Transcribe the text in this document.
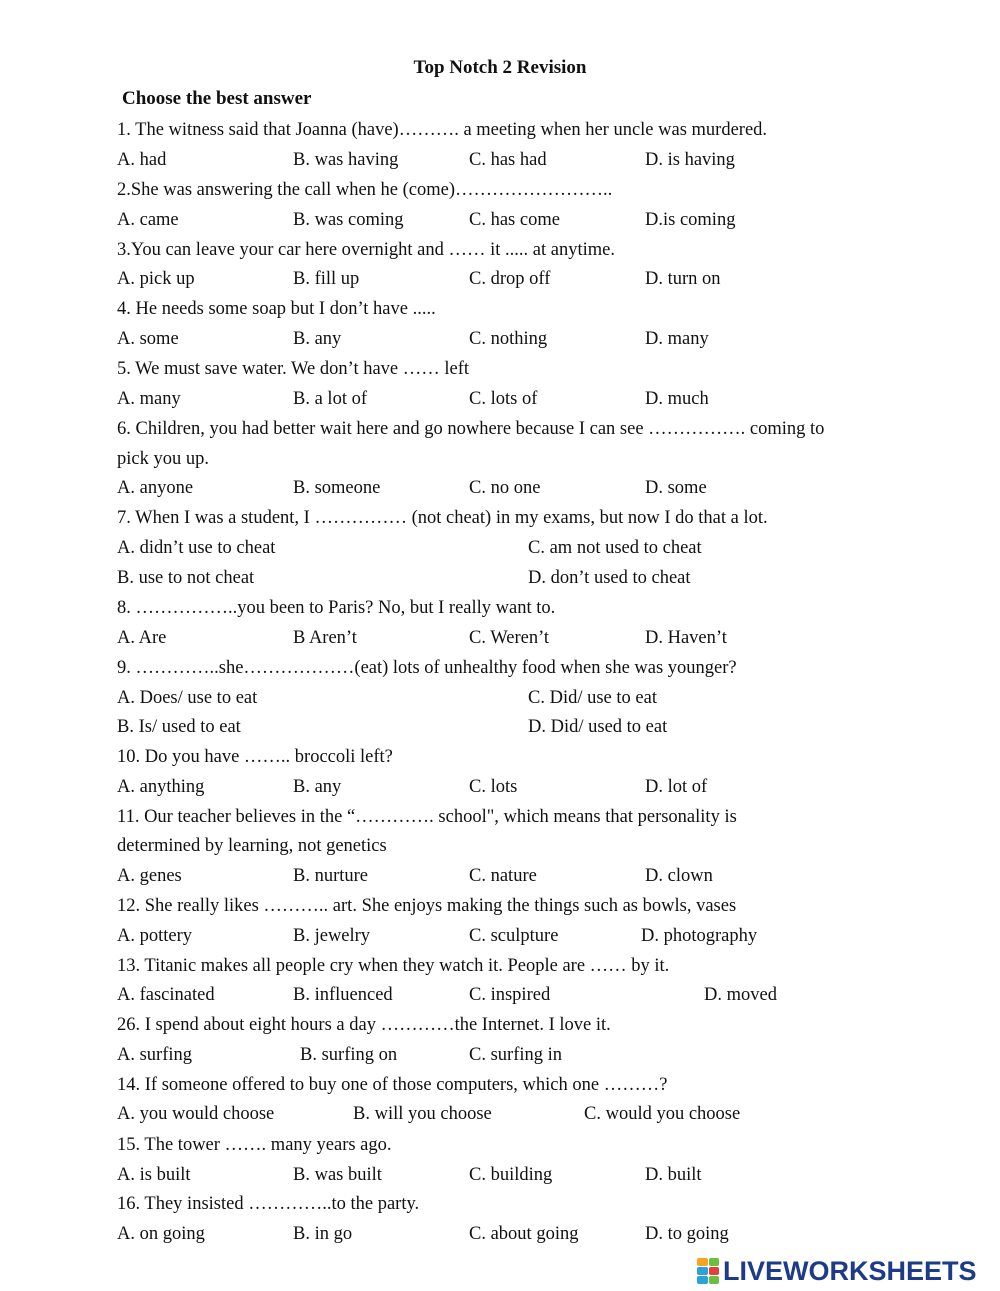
Top Notch 2 Revision
Choose the best answer
1. The witness said that Joanna (have)………. a meeting when her uncle was murdered.
A. had	B. was having	C. has had	D. is having
2.She was answering the call when he (come)……………………..
A. came	B. was coming	C. has come	D.is coming
3.You can leave your car here overnight and …… it ..... at anytime.
A. pick up	B. fill up	C. drop off	D. turn on
4. He needs some soap but I don’t have .....
A. some	B. any	C. nothing	D. many
5. We must save water. We don’t have …… left
A. many	B. a lot of	C. lots of	D. much
6. Children, you had better wait here and go nowhere because I can see ……………. coming to
pick you up.
A. anyone	B. someone	C. no one	D. some
7. When I was a student, I …………… (not cheat) in my exams, but now I do that a lot.
A. didn’t use to cheat	C. am not used to cheat
B. use to not cheat	D. don’t used to cheat
8. ……………..you been to Paris? No, but I really want to.
A. Are	B Aren’t	C. Weren’t	D. Haven’t
9. …………..she………………(eat) lots of unhealthy food when she was younger?
A. Does/ use to eat	C. Did/ use to eat
B. Is/ used to eat	D. Did/ used to eat
10. Do you have …….. broccoli left?
A. anything	B. any	C. lots	D. lot of
11. Our teacher believes in the “…………. school", which means that personality is
determined by learning, not genetics
A. genes	B. nurture	C. nature	D. clown
12. She really likes ……….. art. She enjoys making the things such as bowls, vases
A. pottery	B. jewelry	C. sculpture	D. photography
13. Titanic makes all people cry when they watch it. People are …… by it.
A. fascinated	B. influenced	C. inspired	D. moved
26. I spend about eight hours a day …………the Internet. I love it.
A. surfing	B. surfing on	C. surfing in
14. If someone offered to buy one of those computers, which one ………?
A. you would choose	B. will you choose	C. would you choose
15. The tower ……. many years ago.
A. is built	B. was built	C. building	D. built
16. They insisted …………..to the party.
A. on going	B. in go	C. about going	D. to going
LIVEWORKSHEETS
